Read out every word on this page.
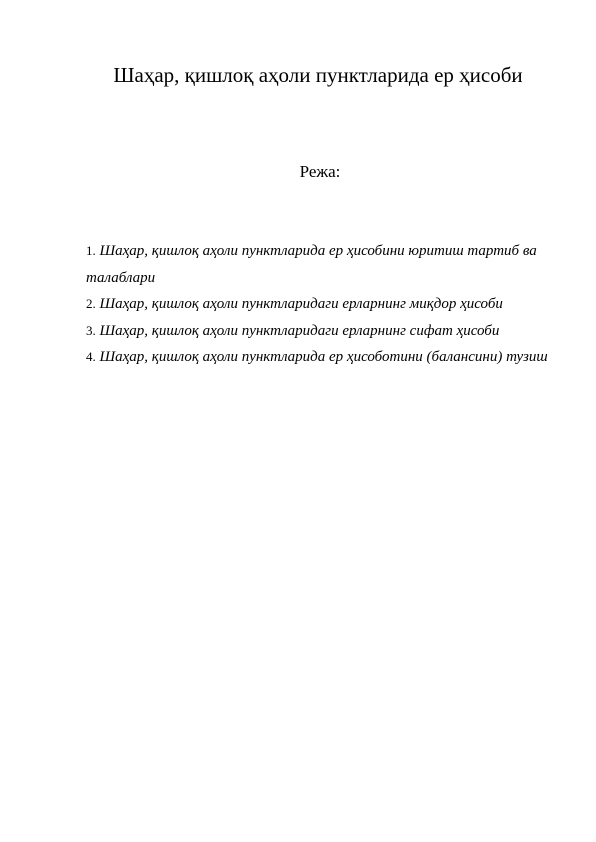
Шаҳар, қишлоқ аҳоли пунктларида ер ҳисоби

Режа:

1. Шаҳар, қишлоқ аҳоли пунктларида ер ҳисобини юритиш тартиб ва талаблари
2. Шаҳар, қишлоқ аҳоли пунктларидаги ерларнинг миқдор ҳисоби
3. Шаҳар, қишлоқ аҳоли пунктларидаги ерларнинг сифат ҳисоби
4. Шаҳар, қишлоқ аҳоли пунктларида ер ҳисоботини (балансини) тузиш
